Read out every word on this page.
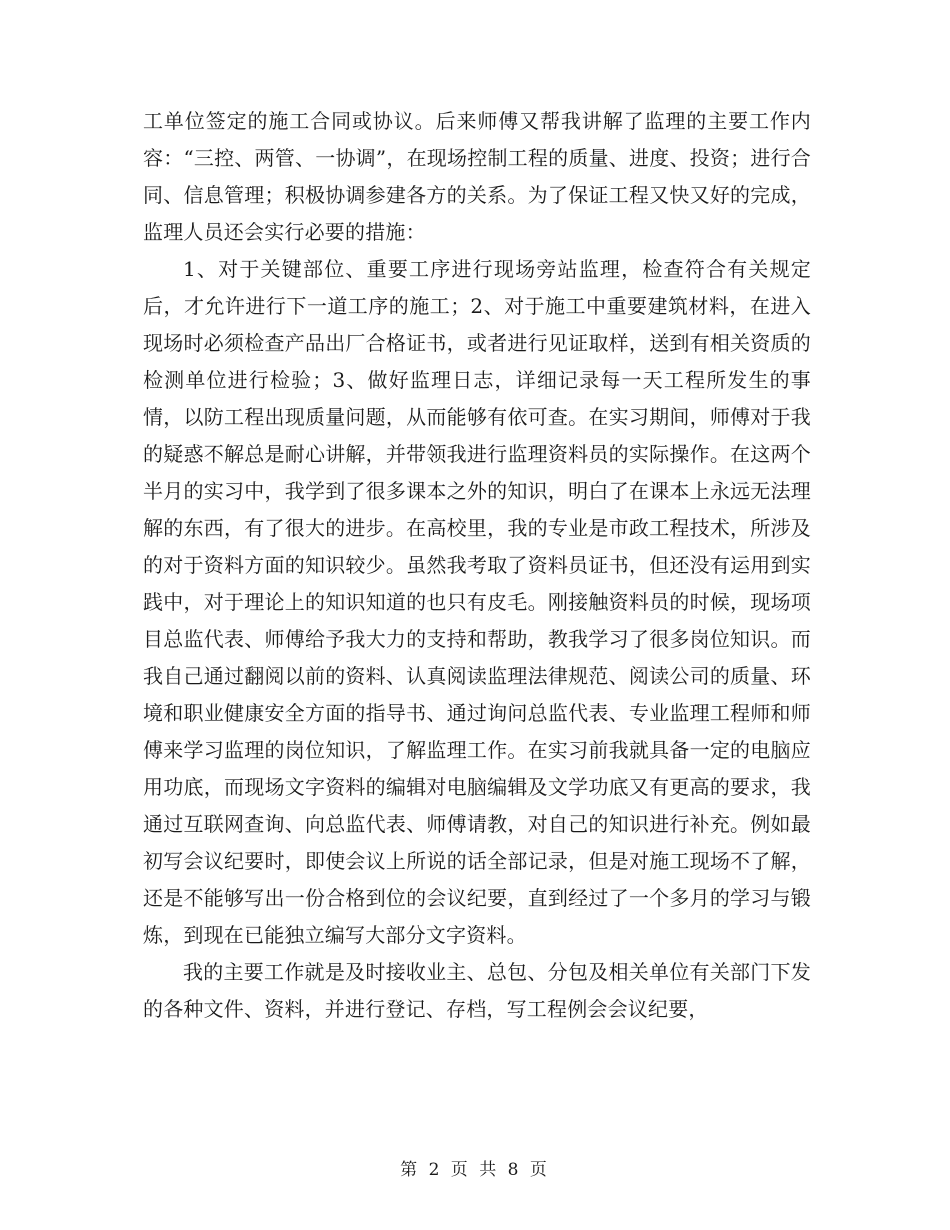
工单位签定的施工合同或协议。后来师傅又帮我讲解了监理的主要工作内容：“三控、两管、一协调”，在现场控制工程的质量、进度、投资；进行合同、信息管理；积极协调参建各方的关系。为了保证工程又快又好的完成，监理人员还会实行必要的措施：

1、对于关键部位、重要工序进行现场旁站监理，检查符合有关规定后，才允许进行下一道工序的施工；2、对于施工中重要建筑材料，在进入现场时必须检查产品出厂合格证书，或者进行见证取样，送到有相关资质的检测单位进行检验；3、做好监理日志，详细记录每一天工程所发生的事情，以防工程出现质量问题，从而能够有依可查。在实习期间，师傅对于我的疑惑不解总是耐心讲解，并带领我进行监理资料员的实际操作。在这两个半月的实习中，我学到了很多课本之外的知识，明白了在课本上永远无法理解的东西，有了很大的进步。在高校里，我的专业是市政工程技术，所涉及的对于资料方面的知识较少。虽然我考取了资料员证书，但还没有运用到实践中，对于理论上的知识知道的也只有皮毛。刚接触资料员的时候，现场项目总监代表、师傅给予我大力的支持和帮助，教我学习了很多岗位知识。而我自己通过翻阅以前的资料、认真阅读监理法律规范、阅读公司的质量、环境和职业健康安全方面的指导书、通过询问总监代表、专业监理工程师和师傅来学习监理的岗位知识，了解监理工作。在实习前我就具备一定的电脑应用功底，而现场文字资料的编辑对电脑编辑及文学功底又有更高的要求，我通过互联网查询、向总监代表、师傅请教，对自己的知识进行补充。例如最初写会议纪要时，即使会议上所说的话全部记录，但是对施工现场不了解，还是不能够写出一份合格到位的会议纪要，直到经过了一个多月的学习与锻炼，到现在已能独立编写大部分文字资料。

我的主要工作就是及时接收业主、总包、分包及相关单位有关部门下发的各种文件、资料，并进行登记、存档，写工程例会会议纪要，

第 2 页 共 8 页
